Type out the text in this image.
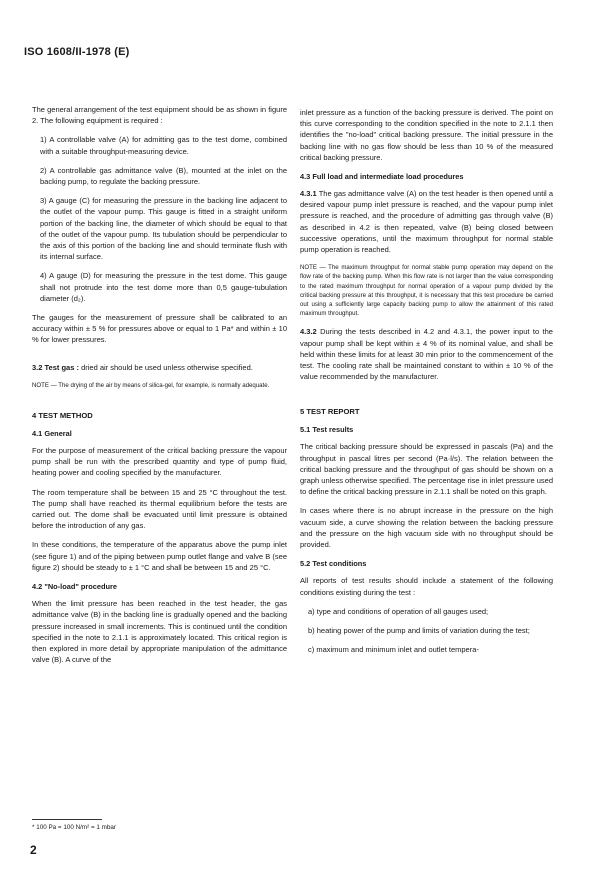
ISO 1608/II-1978 (E)

The general arrangement of the test equipment should be as shown in figure 2. The following equipment is required :

1) A controllable valve (A) for admitting gas to the test dome, combined with a suitable throughput-measuring device.

2) A controllable gas admittance valve (B), mounted at the inlet on the backing pump, to regulate the backing pressure.

3) A gauge (C) for measuring the pressure in the backing line adjacent to the outlet of the vapour pump. This gauge is fitted in a straight uniform portion of the backing line, the diameter of which should be equal to that of the outlet of the vapour pump. Its tubulation should be perpendicular to the axis of this portion of the backing line and should terminate flush with its internal surface.

4) A gauge (D) for measuring the pressure in the test dome. This gauge shall not protrude into the test dome more than 0,5 gauge-tubulation diameter (d₂).

The gauges for the measurement of pressure shall be calibrated to an accuracy within ± 5 % for pressures above or equal to 1 Pa* and within ± 10 % for lower pressures.

3.2 Test gas : dried air should be used unless otherwise specified.

NOTE — The drying of the air by means of silica-gel, for example, is normally adequate.

4 TEST METHOD
4.1 General

For the purpose of measurement of the critical backing pressure the vapour pump shall be run with the prescribed quantity and type of pump fluid, heating power and cooling specified by the manufacturer.

The room temperature shall be between 15 and 25 °C throughout the test. The pump shall have reached its thermal equilibrium before the tests are carried out. The dome shall be evacuated until limit pressure is obtained before the introduction of any gas.

In these conditions, the temperature of the apparatus above the pump inlet (see figure 1) and of the piping between pump outlet flange and valve B (see figure 2) should be steady to ± 1 °C and shall be between 15 and 25 °C.

4.2 "No-load" procedure

When the limit pressure has been reached in the test header, the gas admittance valve (B) in the backing line is gradually opened and the backing pressure increased in small increments. This is continued until the condition specified in the note to 2.1.1 is approximately located. This critical region is then explored in more detail by appropriate manipulation of the admittance valve (B). A curve of the

inlet pressure as a function of the backing pressure is derived. The point on this curve corresponding to the condition specified in the note to 2.1.1 then identifies the "no-load" critical backing pressure. The initial pressure in the backing line with no gas flow should be less than 10 % of the measured critical backing pressure.

4.3 Full load and intermediate load procedures

4.3.1 The gas admittance valve (A) on the test header is then opened until a desired vapour pump inlet pressure is reached, and the vapour pump inlet pressure is reached, and the procedure of admitting gas through valve (B) as described in 4.2 is then repeated, valve (B) being closed between successive operations, until the maximum throughput for normal stable pump operation is reached.

NOTE — The maximum throughput for normal stable pump operation may depend on the flow rate of the backing pump. When this flow rate is not larger than the value corresponding to the rated maximum throughput for normal operation of a vapour pump divided by the critical backing pressure at this throughput, it is necessary that this test procedure be carried out using a sufficiently large capacity backing pump to allow the attainment of this rated maximum throughput.

4.3.2 During the tests described in 4.2 and 4.3.1, the power input to the vapour pump shall be kept within ± 4 % of its nominal value, and shall be held within these limits for at least 30 min prior to the commencement of the test. The cooling rate shall be maintained constant to within ± 10 % of the value recommended by the manufacturer.

5 TEST REPORT
5.1 Test results

The critical backing pressure should be expressed in pascals (Pa) and the throughput in pascal litres per second (Pa·l/s). The relation between the critical backing pressure and the throughput of gas should be shown on a graph unless otherwise specified. The percentage rise in inlet pressure used to define the critical backing pressure in 2.1.1 shall be noted on this graph.

In cases where there is no abrupt increase in the pressure on the high vacuum side, a curve showing the relation between the backing pressure and the pressure on the high vacuum side with no throughput should be provided.

5.2 Test conditions

All reports of test results should include a statement of the following conditions existing during the test :

a) type and conditions of operation of all gauges used;

b) heating power of the pump and limits of variation during the test;

c) maximum and minimum inlet and outlet tempera-

* 100 Pa = 100 N/m² = 1 mbar
2
